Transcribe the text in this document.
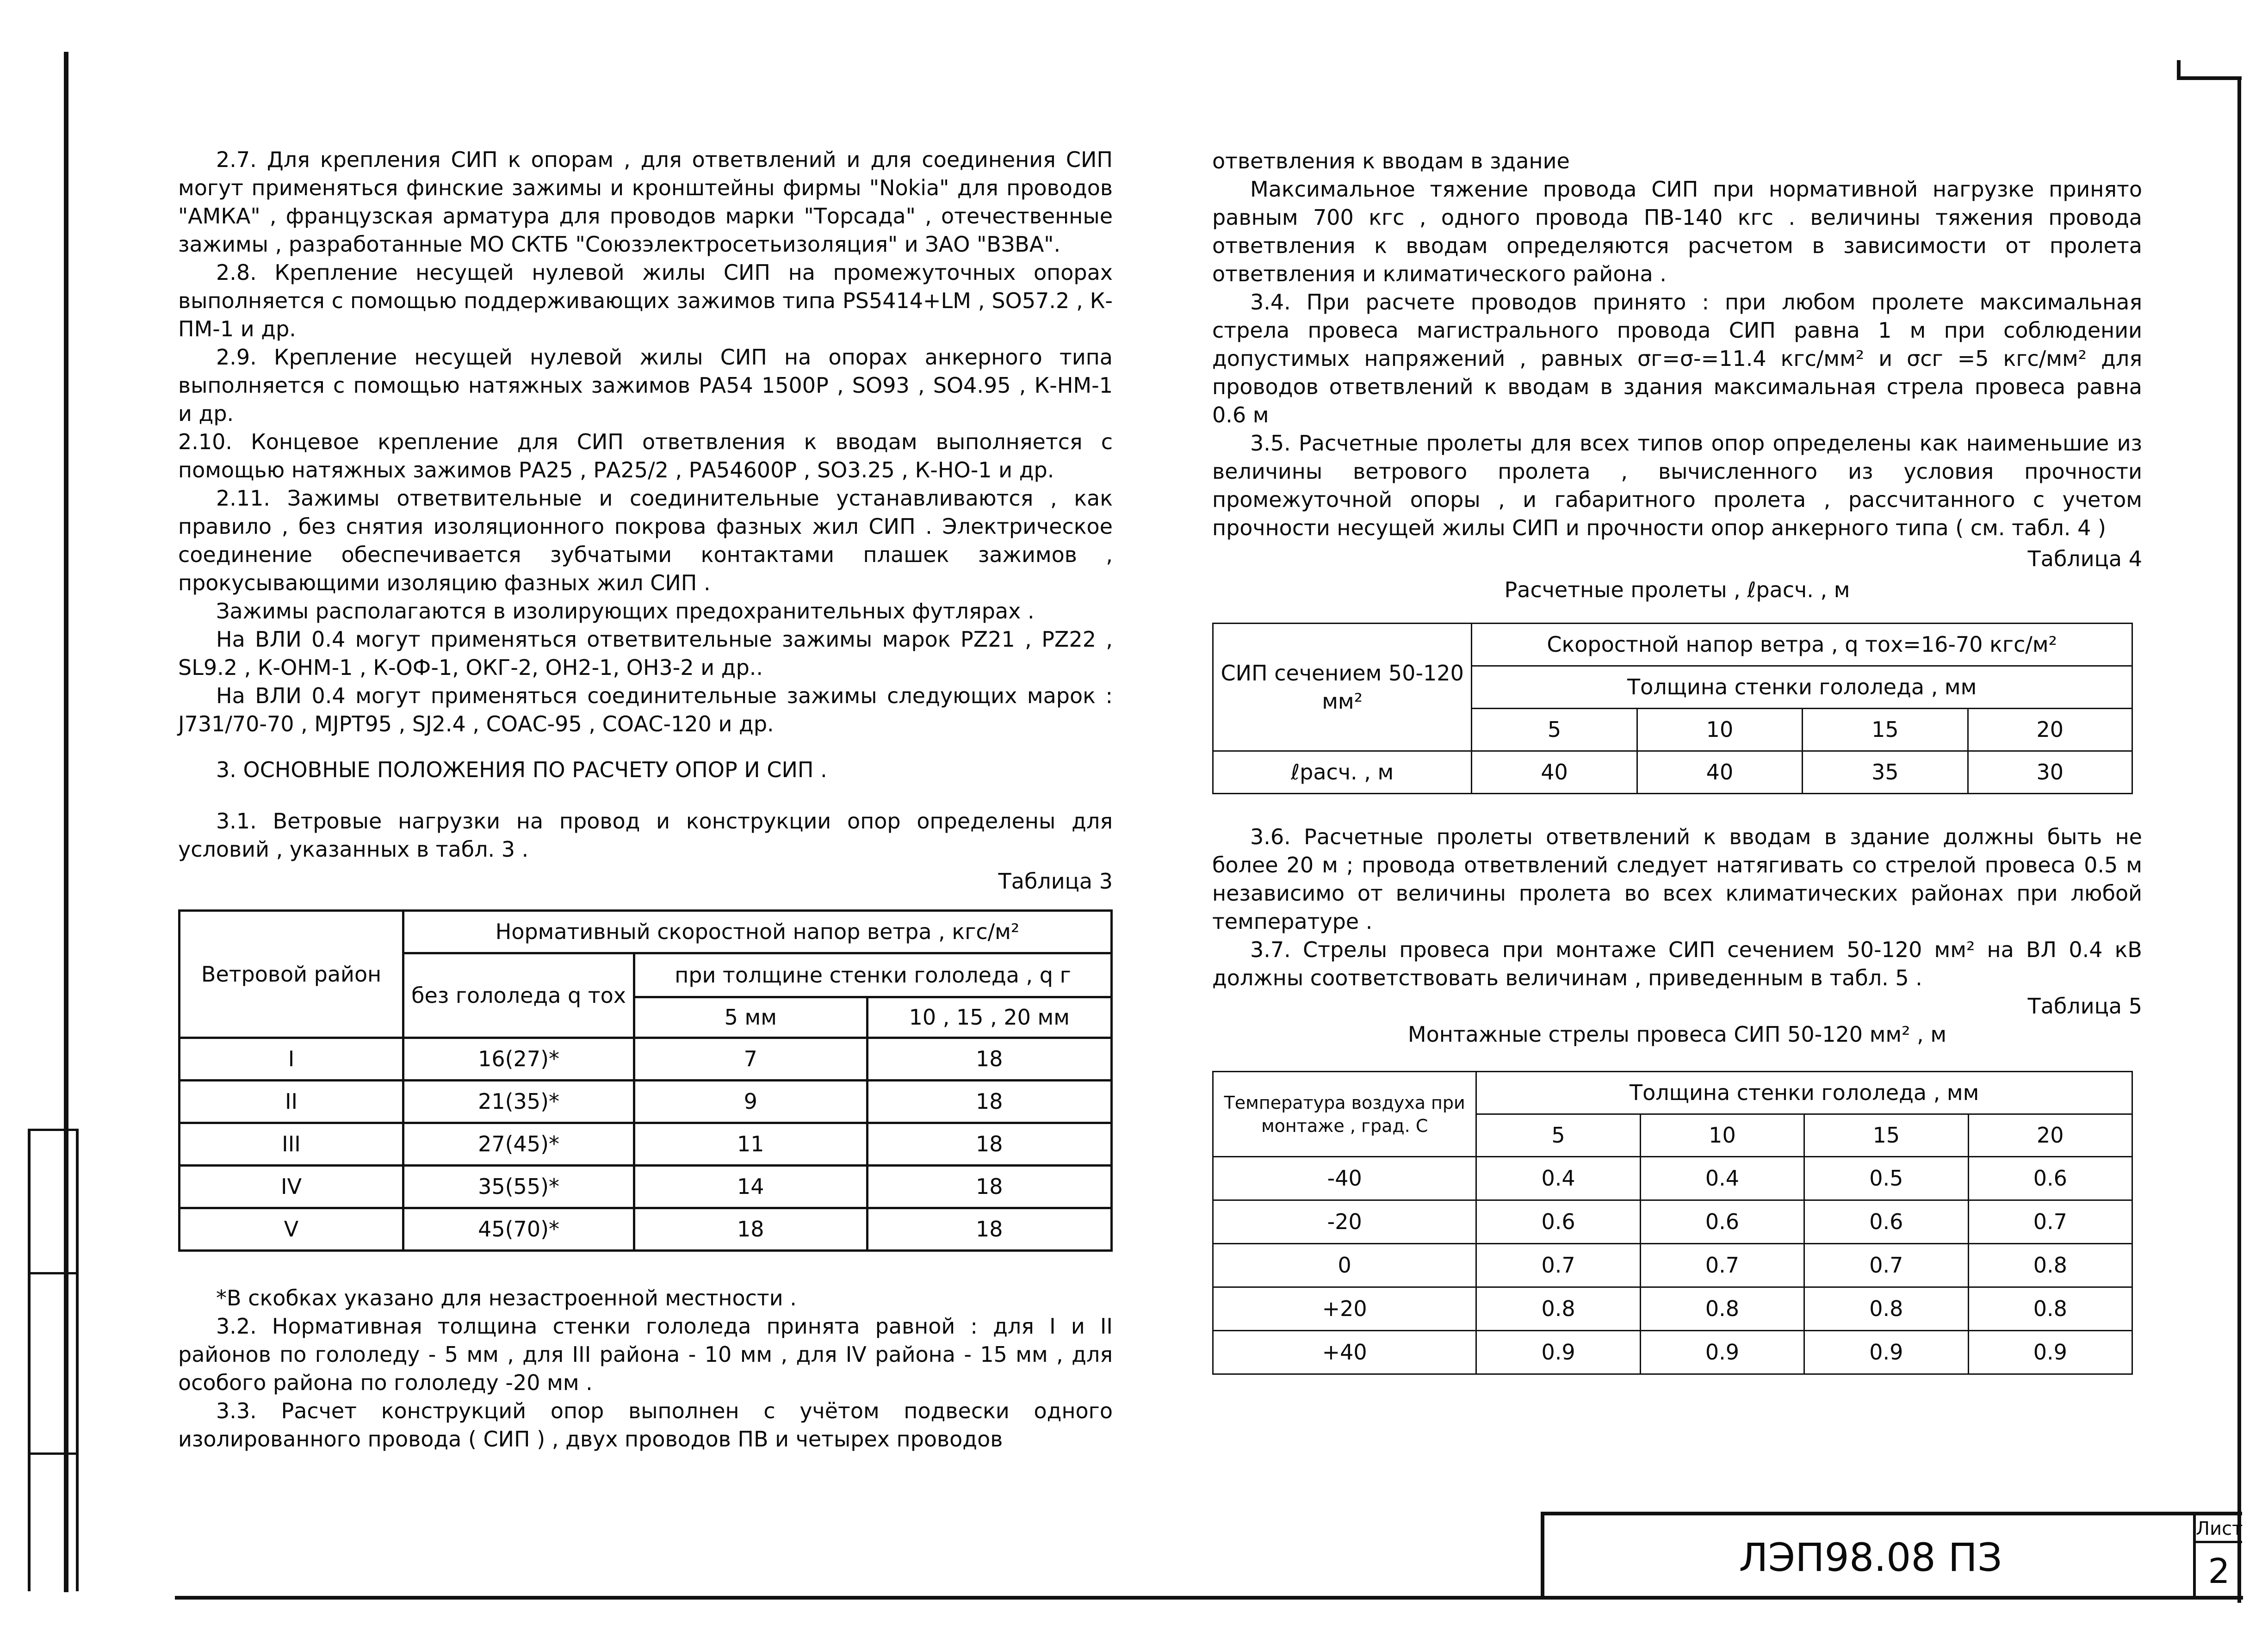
2.7. Для крепления СИП к опорам , для ответвлений и для соединения СИП могут применяться финские зажимы и кронштейны фирмы "Nokia" для проводов "АМКА" , французская арматура для проводов марки "Торсада" , отечественные зажимы , разработанные МО СКТБ "Союзэлектросетьизоляция" и ЗАО "ВЗВА".

2.8. Крепление несущей нулевой жилы СИП на промежуточных опорах выполняется с помощью поддерживающих зажимов типа PS5414+LM , SO57.2 , К-ПМ-1 и др.

2.9. Крепление несущей нулевой жилы СИП на опорах анкерного типа выполняется с помощью натяжных зажимов РА54 1500Р , SO93 , SO4.95 , К-НМ-1 и др.

2.10. Концевое крепление для СИП ответвления к вводам выполняется с помощью натяжных зажимов РА25 , РА25/2 , РА54600Р , SO3.25 , К-НО-1 и др.

2.11. Зажимы ответвительные и соединительные устанавливаются , как правило , без снятия изоляционного покрова фазных жил СИП . Электрическое соединение обеспечивается зубчатыми контактами плашек зажимов , прокусывающими изоляцию фазных жил СИП .

Зажимы располагаются в изолирующих предохранительных футлярах .

На ВЛИ 0.4 могут применяться ответвительные зажимы марок PZ21 , PZ22 , SL9.2 , К-ОНМ-1 , К-ОФ-1, ОКГ-2, ОН2-1, ОН3-2 и др..

На ВЛИ 0.4 могут применяться соединительные зажимы следующих марок : J731/70-70 , MJPT95 , SJ2.4 , СОАС-95 , СОАС-120 и др.

3. ОСНОВНЫЕ ПОЛОЖЕНИЯ ПО РАСЧЕТУ ОПОР И СИП .

3.1. Ветровые нагрузки на провод и конструкции опор определены для условий , указанных в табл. 3 .

Таблица 3

Ветровой район	Нормативный скоростной напор ветра , кгс/м²		
	без гололеда q тох	при толщине стенки гололеда , q г	
		5 мм	10 , 15 , 20 мм
I	16(27)*	7	18
II	21(35)*	9	18
III	27(45)*	11	18
IV	35(55)*	14	18
V	45(70)*	18	18

*В скобках указано для незастроенной местности .

3.2. Нормативная толщина стенки гололеда принята равной : для I и II районов по гололеду - 5 мм , для III района - 10 мм , для IV района - 15 мм , для особого района по гололеду -20 мм .

3.3. Расчет конструкций опор выполнен с учётом подвески одного изолированного провода ( СИП ) , двух проводов ПВ и четырех проводов

ответвления к вводам в здание

Максимальное тяжение провода СИП при нормативной нагрузке принято равным 700 кгс , одного провода ПВ-140 кгс . величины тяжения провода ответвления к вводам определяются расчетом в зависимости от пролета ответвления и климатического района .

3.4. При расчете проводов принято : при любом пролете максимальная стрела провеса магистрального провода СИП равна 1 м при соблюдении допустимых напряжений , равных σг=σ-=11.4 кгс/мм² и σсг =5 кгс/мм² для проводов ответвлений к вводам в здания максимальная стрела провеса равна 0.6 м

3.5. Расчетные пролеты для всех типов опор определены как наименьшие из величины ветрового пролета , вычисленного из условия прочности промежуточной опоры , и габаритного пролета , рассчитанного с учетом прочности несущей жилы СИП и прочности опор анкерного типа ( см. табл. 4 )

Таблица 4

Расчетные пролеты , ℓрасч. , м

СИП сечением 50-120 мм²	Скоростной напор ветра , q тох=16-70 кгс/м²			
	Толщина стенки гололеда , мм			
	5	10	15	20
ℓрасч. , м	40	40	35	30

3.6. Расчетные пролеты ответвлений к вводам в здание должны быть не более 20 м ; провода ответвлений следует натягивать со стрелой провеса 0.5 м независимо от величины пролета во всех климатических районах при любой температуре .

3.7. Стрелы провеса при монтаже СИП сечением 50-120 мм² на ВЛ 0.4 кВ должны соответствовать величинам , приведенным в табл. 5 .

Таблица 5

Монтажные стрелы провеса СИП 50-120 мм² , м

Температура воздуха при монтаже , град. С	Толщина стенки гололеда , мм			
	5	10	15	20
-40	0.4	0.4	0.5	0.6
-20	0.6	0.6	0.6	0.7
0	0.7	0.7	0.7	0.8
+20	0.8	0.8	0.8	0.8
+40	0.9	0.9	0.9	0.9
ЛЭП98.08 ПЗ
Лист
2
